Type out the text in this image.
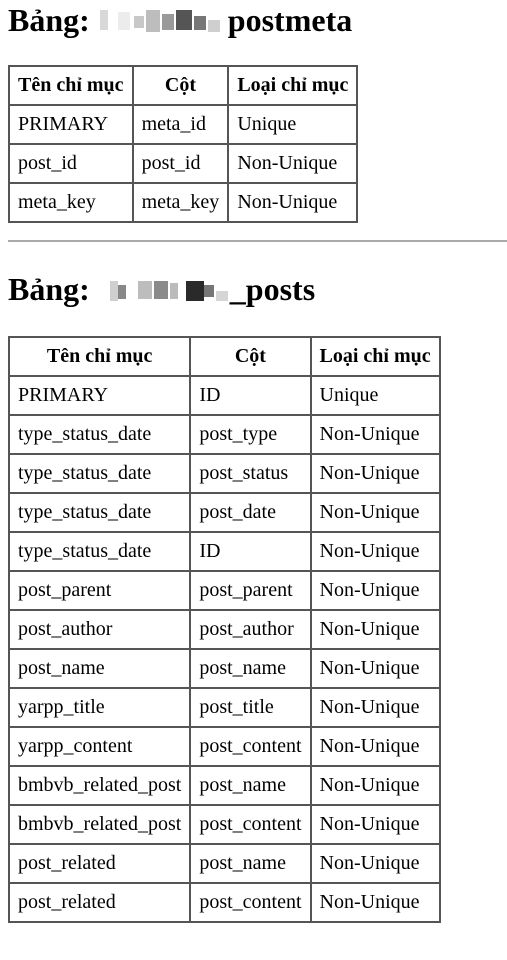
Bảng:	postmeta
Tên chỉ mục	Cột	Loại chỉ mục
PRIMARY	meta_id	Unique
post_id	post_id	Non-Unique
meta_key	meta_key	Non-Unique
Bảng:	_posts
Tên chỉ mục	Cột	Loại chỉ mục
PRIMARY	ID	Unique
type_status_date	post_type	Non-Unique
type_status_date	post_status	Non-Unique
type_status_date	post_date	Non-Unique
type_status_date	ID	Non-Unique
post_parent	post_parent	Non-Unique
post_author	post_author	Non-Unique
post_name	post_name	Non-Unique
yarpp_title	post_title	Non-Unique
yarpp_content	post_content	Non-Unique
bmbvb_related_post	post_name	Non-Unique
bmbvb_related_post	post_content	Non-Unique
post_related	post_name	Non-Unique
post_related	post_content	Non-Unique
